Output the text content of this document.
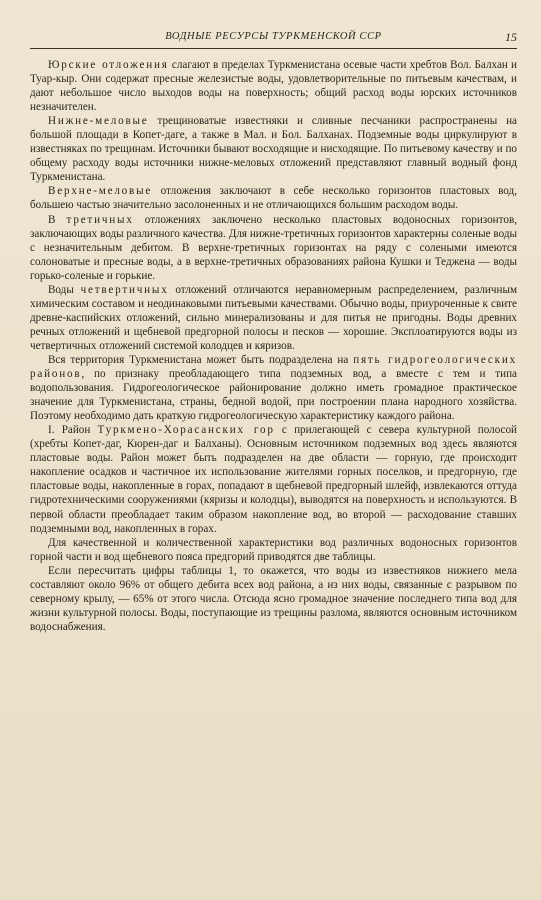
ВОДНЫЕ РЕСУРСЫ ТУРКМЕНСКОЙ ССР	15

Юрские отложения слагают в пределах Туркменистана осевые части хребтов Вол. Балхан и Туар-кыр. Они содержат пресные железистые воды, удовлетворительные по питьевым качествам, и дают небольшое число выходов воды на поверхность; общий расход воды юрских источников незначителен.

Нижне-меловые трещиноватые известняки и сливные песчаники распространены на большой площади в Копет-даге, а также в Мал. и Бол. Балханах. Подземные воды циркулируют в известняках по трещинам. Источники бывают восходящие и нисходящие. По питьевому качеству и по общему расходу воды источники нижне-меловых отложений представляют главный водный фонд Туркменистана.

Верхне-меловые отложения заключают в себе несколько горизонтов пластовых вод, большею частью значительно засолоненных и не отличающихся большим расходом воды.

В третичных отложениях заключено несколько пластовых водоносных горизонтов, заключающих воды различного качества. Для нижне-третичных горизонтов характерны соленые воды с незначительным дебитом. В верхне-третичных горизонтах на ряду с солеными имеются солоноватые и пресные воды, а в верхне-третичных образованиях района Кушки и Теджена — воды горько-соленые и горькие.

Воды четвертичных отложений отличаются неравномерным распределением, различным химическим составом и неодинаковыми питьевыми качествами. Обычно воды, приуроченные к свите древне-каспийских отложений, сильно минерализованы и для питья не пригодны. Воды древних речных отложений и щебневой предгорной полосы и песков — хорошие. Эксплоатируются воды из четвертичных отложений системой колодцев и кяризов.

Вся территория Туркменистана может быть подразделена на пять гидрогеологических районов, по признаку преобладающего типа подземных вод, а вместе с тем и типа водопользования. Гидрогеологическое районирование должно иметь громадное практическое значение для Туркменистана, страны, бедной водой, при построении плана народного хозяйства. Поэтому необходимо дать краткую гидрогеологическую характеристику каждого района.

I. Район Туркмено-Хорасанских гор с прилегающей с севера культурной полосой (хребты Копет-даг, Кюрен-даг и Балханы). Основным источником подземных вод здесь являются пластовые воды. Район может быть подразделен на две области — горную, где происходит накопление осадков и частичное их использование жителями горных поселков, и предгорную, где пластовые воды, накопленные в горах, попадают в щебневой предгорный шлейф, извлекаются оттуда гидротехническими сооружениями (кяризы и колодцы), выводятся на поверхность и используются. В первой области преобладает таким образом накопление вод, во второй — расходование ставших подземными вод, накопленных в горах.

Для качественной и количественной характеристики вод различных водоносных горизонтов горной части и вод щебневого пояса предгорий приводятся две таблицы.

Если пересчитать цифры таблицы 1, то окажется, что воды из известняков нижнего мела составляют около 96% от общего дебита всех вод района, а из них воды, связанные с разрывом по северному крылу, — 65% от этого числа. Отсюда ясно громадное значение последнего типа вод для жизни культурной полосы. Воды, поступающие из трещины разлома, являются основным источником водоснабжения.
